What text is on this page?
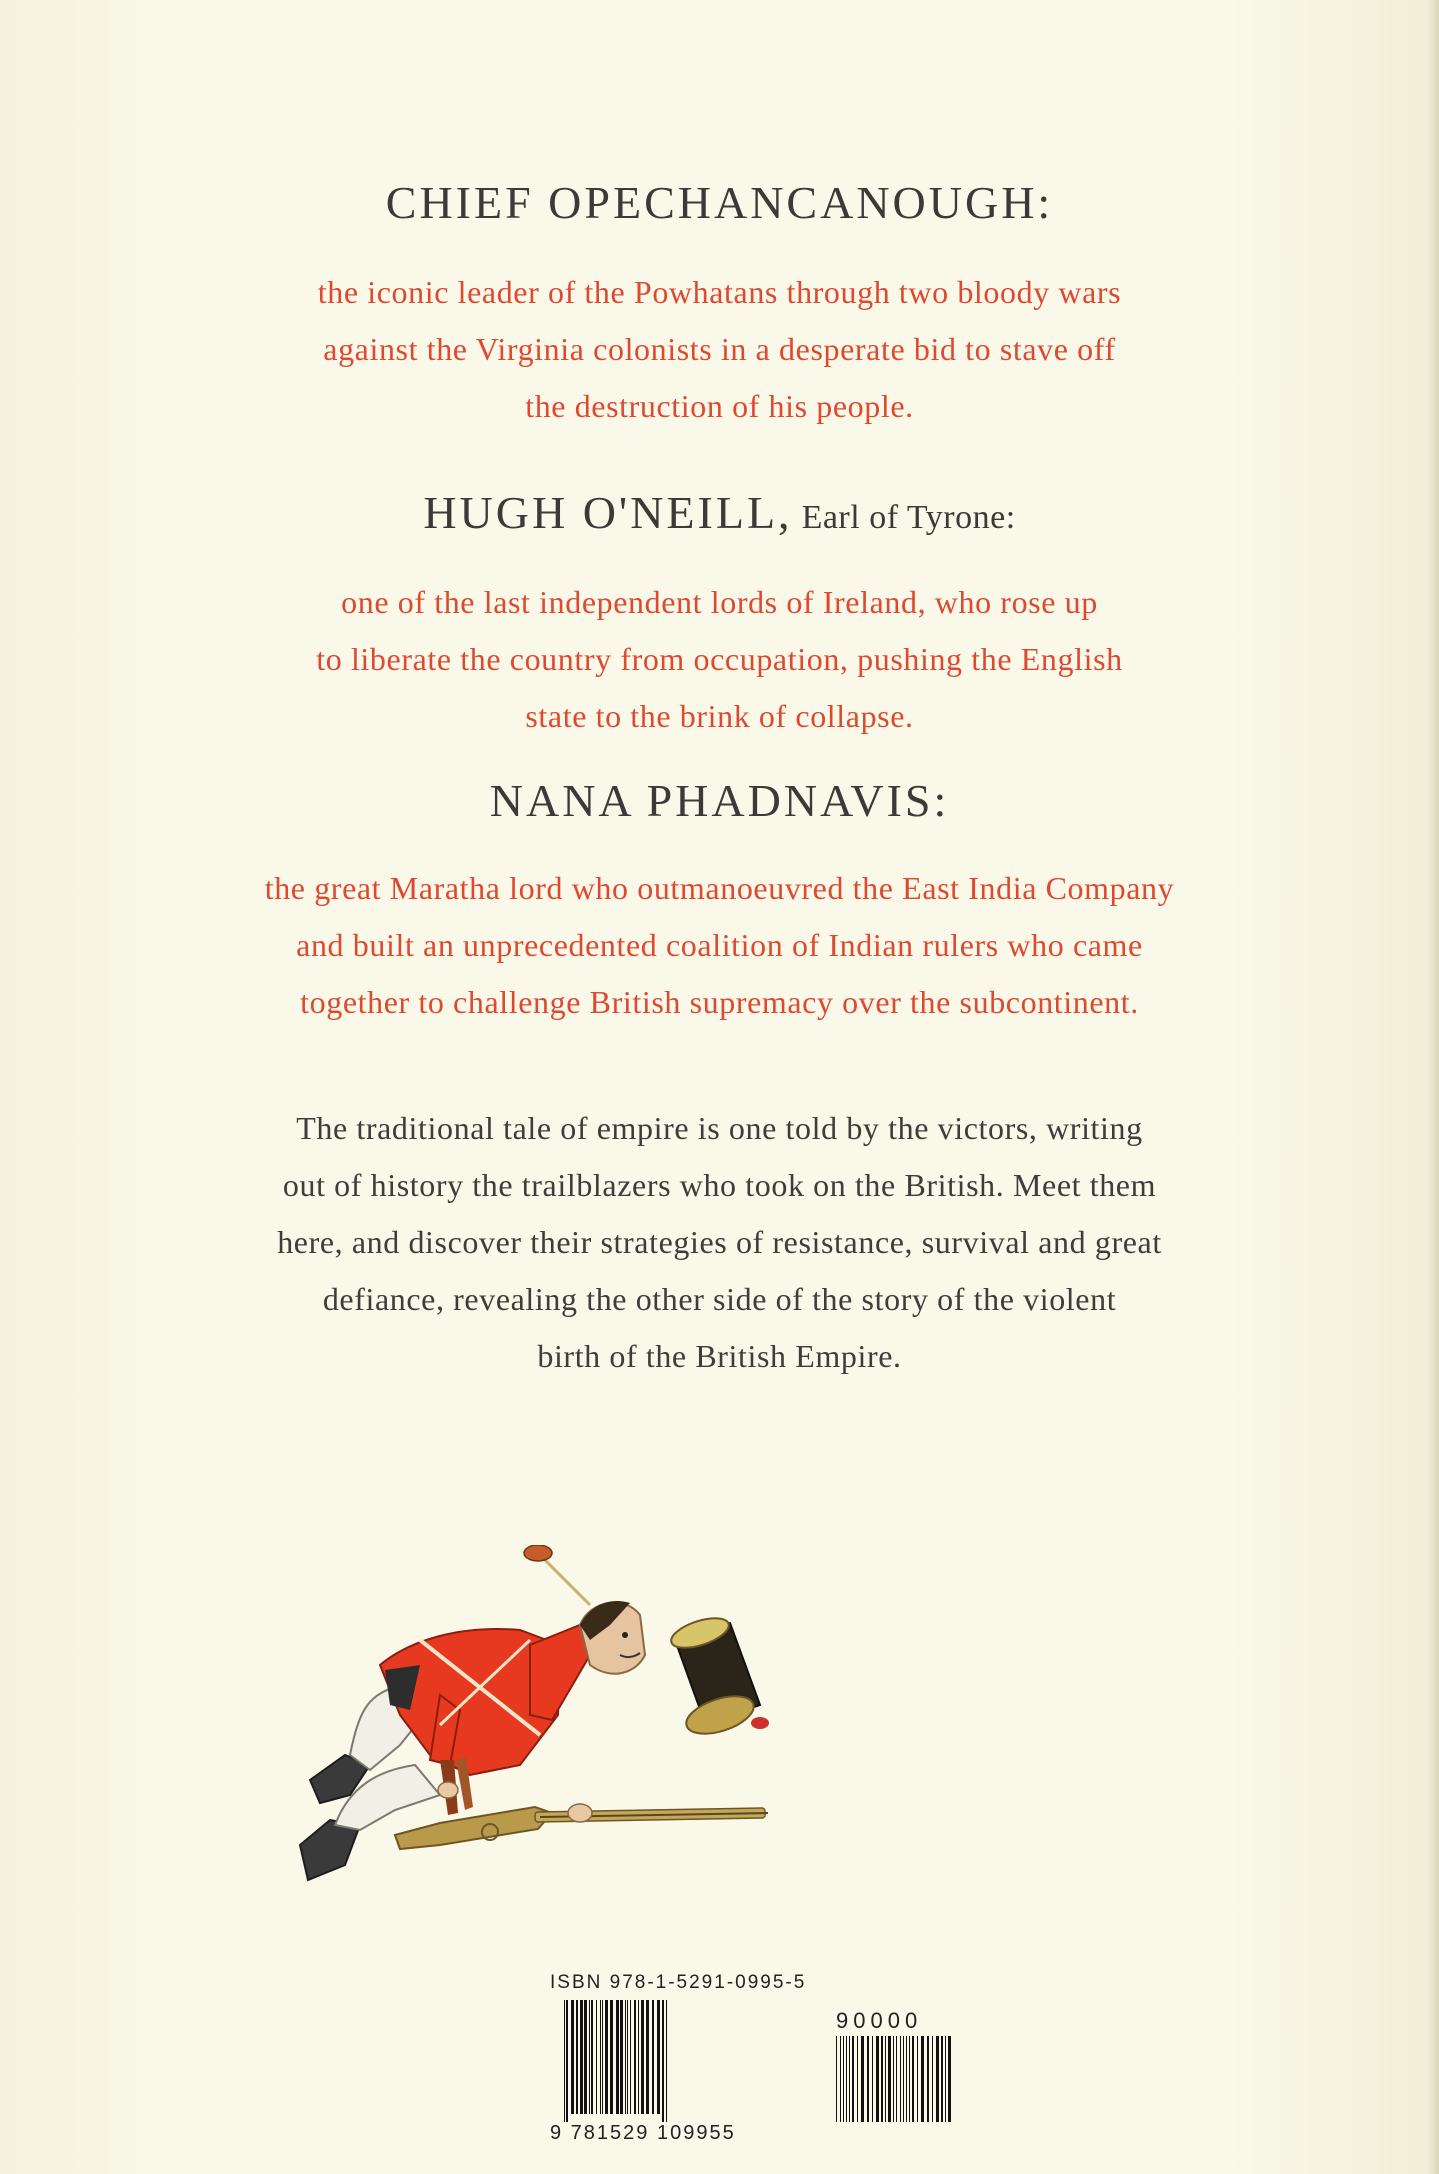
CHIEF OPECHANCANOUGH:

the iconic leader of the Powhatans through two bloody wars

against the Virginia colonists in a desperate bid to stave off

the destruction of his people.

HUGH O'NEILL, Earl of Tyrone:

one of the last independent lords of Ireland, who rose up

to liberate the country from occupation, pushing the English

state to the brink of collapse.

NANA PHADNAVIS:

the great Maratha lord who outmanoeuvred the East India Company

and built an unprecedented coalition of Indian rulers who came

together to challenge British supremacy over the subcontinent.

The traditional tale of empire is one told by the victors, writing

out of history the trailblazers who took on the British. Meet them

here, and discover their strategies of resistance, survival and great

defiance, revealing the other side of the story of the violent

birth of the British Empire.

ISBN 978-1-5291-0995-5
90000
9 781529 109955
